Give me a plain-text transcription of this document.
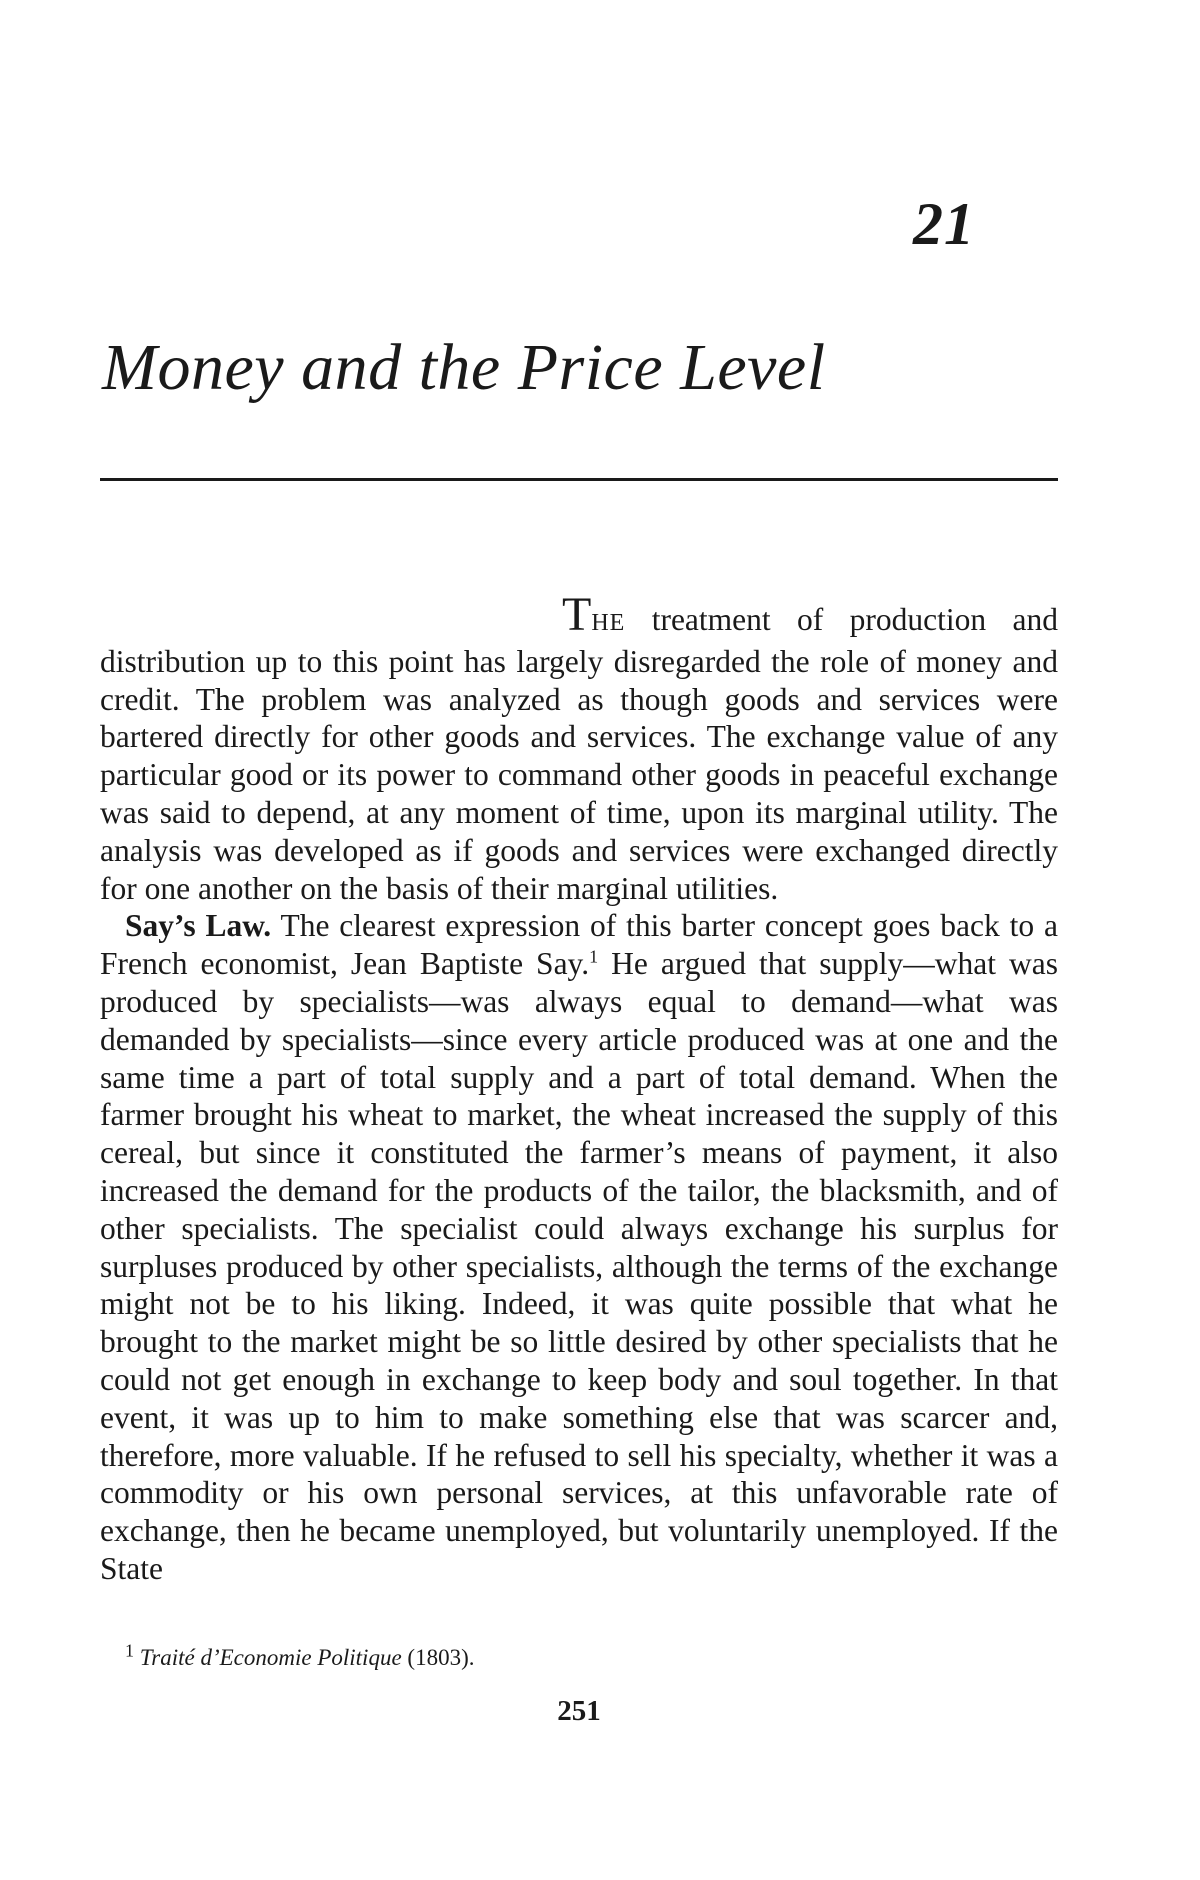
21
Money and the Price Level

THE treatment of production and distribution up to this point has largely disregarded the role of money and credit. The problem was analyzed as though goods and services were bartered directly for other goods and services. The exchange value of any particular good or its power to command other goods in peaceful exchange was said to depend, at any moment of time, upon its marginal utility. The analysis was developed as if goods and services were exchanged directly for one another on the basis of their marginal utilities.

Say’s Law. The clearest expression of this barter concept goes back to a French economist, Jean Baptiste Say.$^1$ He argued that supply—what was produced by specialists—was always equal to demand—what was demanded by specialists—since every article produced was at one and the same time a part of total supply and a part of total demand. When the farmer brought his wheat to market, the wheat increased the supply of this cereal, but since it constituted the farmer’s means of payment, it also increased the demand for the products of the tailor, the blacksmith, and of other specialists. The specialist could always exchange his surplus for surpluses produced by other specialists, although the terms of the exchange might not be to his liking. Indeed, it was quite possible that what he brought to the market might be so little desired by other specialists that he could not get enough in exchange to keep body and soul together. In that event, it was up to him to make something else that was scarcer and, therefore, more valuable. If he refused to sell his specialty, whether it was a commodity or his own personal services, at this unfavorable rate of exchange, then he became unemployed, but voluntarily unemployed. If the State

$^1$ Traité d’Economie Politique (1803).
251
